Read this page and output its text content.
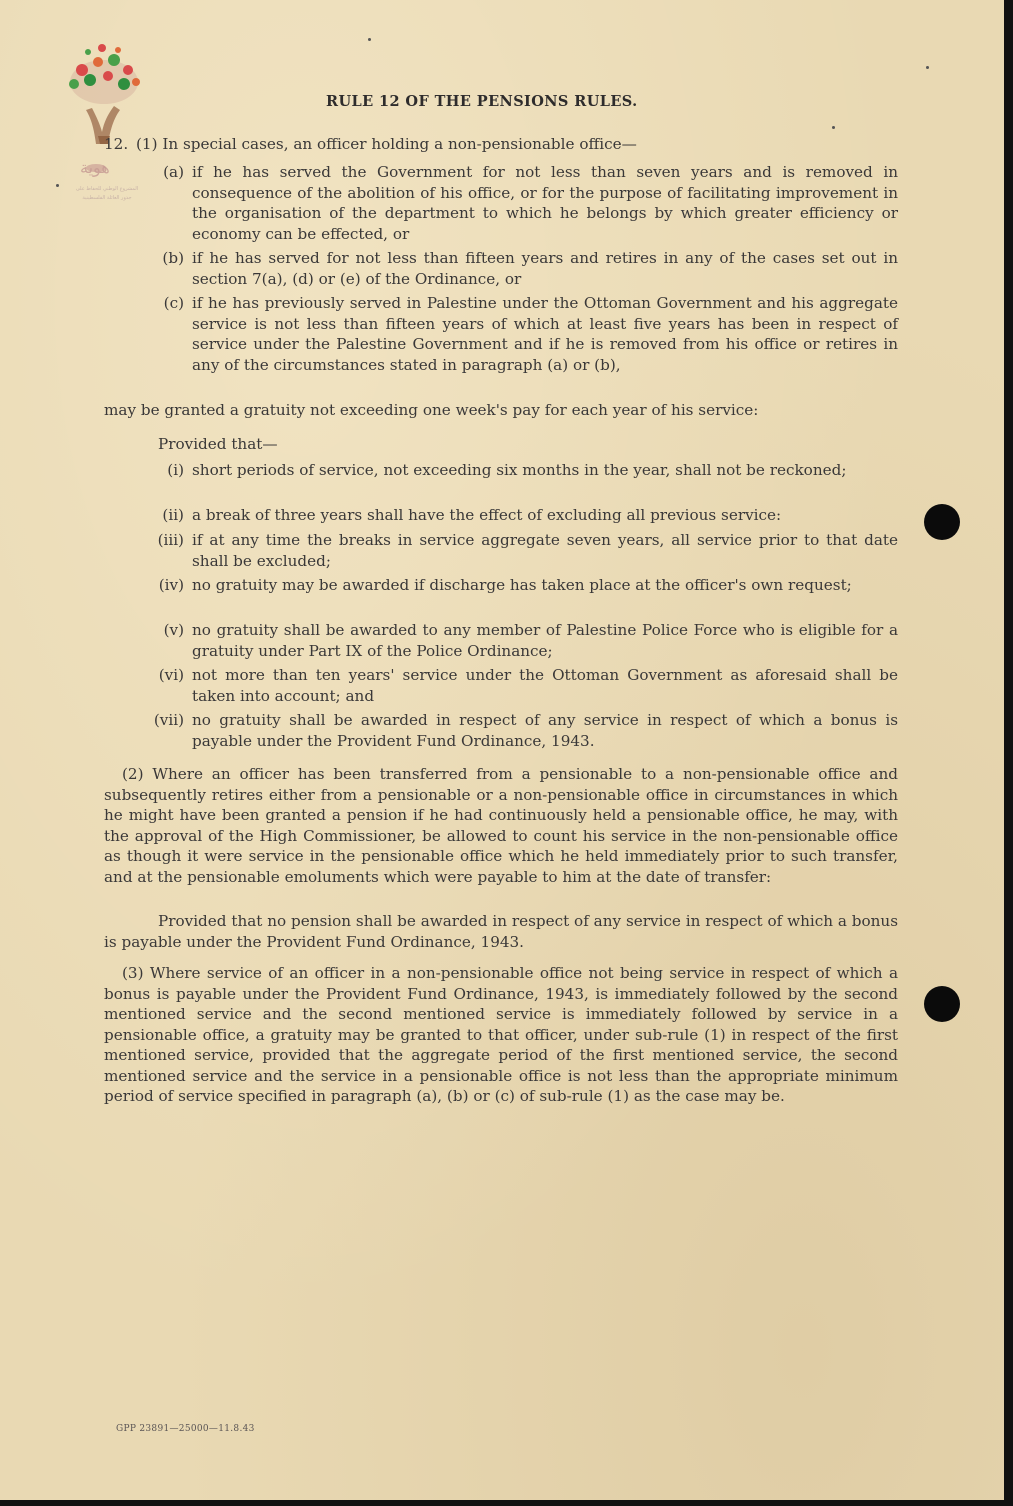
هوية
المشروع الوطني للحفاظ على
جذور العائلة الفلسطينية
RULE 12 OF THE PENSIONS RULES.
12. (1) In special cases, an officer holding a non-pensionable office—

(a) if he has served the Government for not less than seven years and is removed in consequence of the abolition of his office, or for the purpose of facilitating improvement in the organisation of the department to which he belongs by which greater efficiency or economy can be effected, or

(b) if he has served for not less than fifteen years and retires in any of the cases set out in section 7(a), (d) or (e) of the Ordinance, or

(c) if he has previously served in Palestine under the Ottoman Government and his aggregate service is not less than fifteen years of which at least five years has been in respect of service under the Palestine Government and if he is removed from his office or retires in any of the circumstances stated in paragraph (a) or (b),

may be granted a gratuity not exceeding one week's pay for each year of his service:

Provided that—

(i) short periods of service, not exceeding six months in the year, shall not be reckoned;

(ii) a break of three years shall have the effect of excluding all previous service:

(iii) if at any time the breaks in service aggregate seven years, all service prior to that date shall be excluded;

(iv) no gratuity may be awarded if discharge has taken place at the officer's own request;

(v) no gratuity shall be awarded to any member of Palestine Police Force who is eligible for a gratuity under Part IX of the Police Ordinance;

(vi) not more than ten years' service under the Ottoman Government as aforesaid shall be taken into account; and

(vii) no gratuity shall be awarded in respect of any service in respect of which a bonus is payable under the Provident Fund Ordinance, 1943.

(2) Where an officer has been transferred from a pensionable to a non-pensionable office and subsequently retires either from a pensionable or a non-pensionable office in circumstances in which he might have been granted a pension if he had continuously held a pensionable office, he may, with the approval of the High Commissioner, be allowed to count his service in the non-pensionable office as though it were service in the pensionable office which he held immediately prior to such transfer, and at the pensionable emoluments which were payable to him at the date of transfer:

Provided that no pension shall be awarded in respect of any service in respect of which a bonus is payable under the Provident Fund Ordinance, 1943.

(3) Where service of an officer in a non-pensionable office not being service in respect of which a bonus is payable under the Provident Fund Ordinance, 1943, is immediately followed by the second mentioned service and the second mentioned service is immediately followed by service in a pensionable office, a gratuity may be granted to that officer, under sub-rule (1) in respect of the first mentioned service, provided that the aggregate period of the first mentioned service, the second mentioned service and the service in a pensionable office is not less than the appropriate minimum period of service specified in paragraph (a), (b) or (c) of sub-rule (1) as the case may be.

GPP 23891—25000—11.8.43
